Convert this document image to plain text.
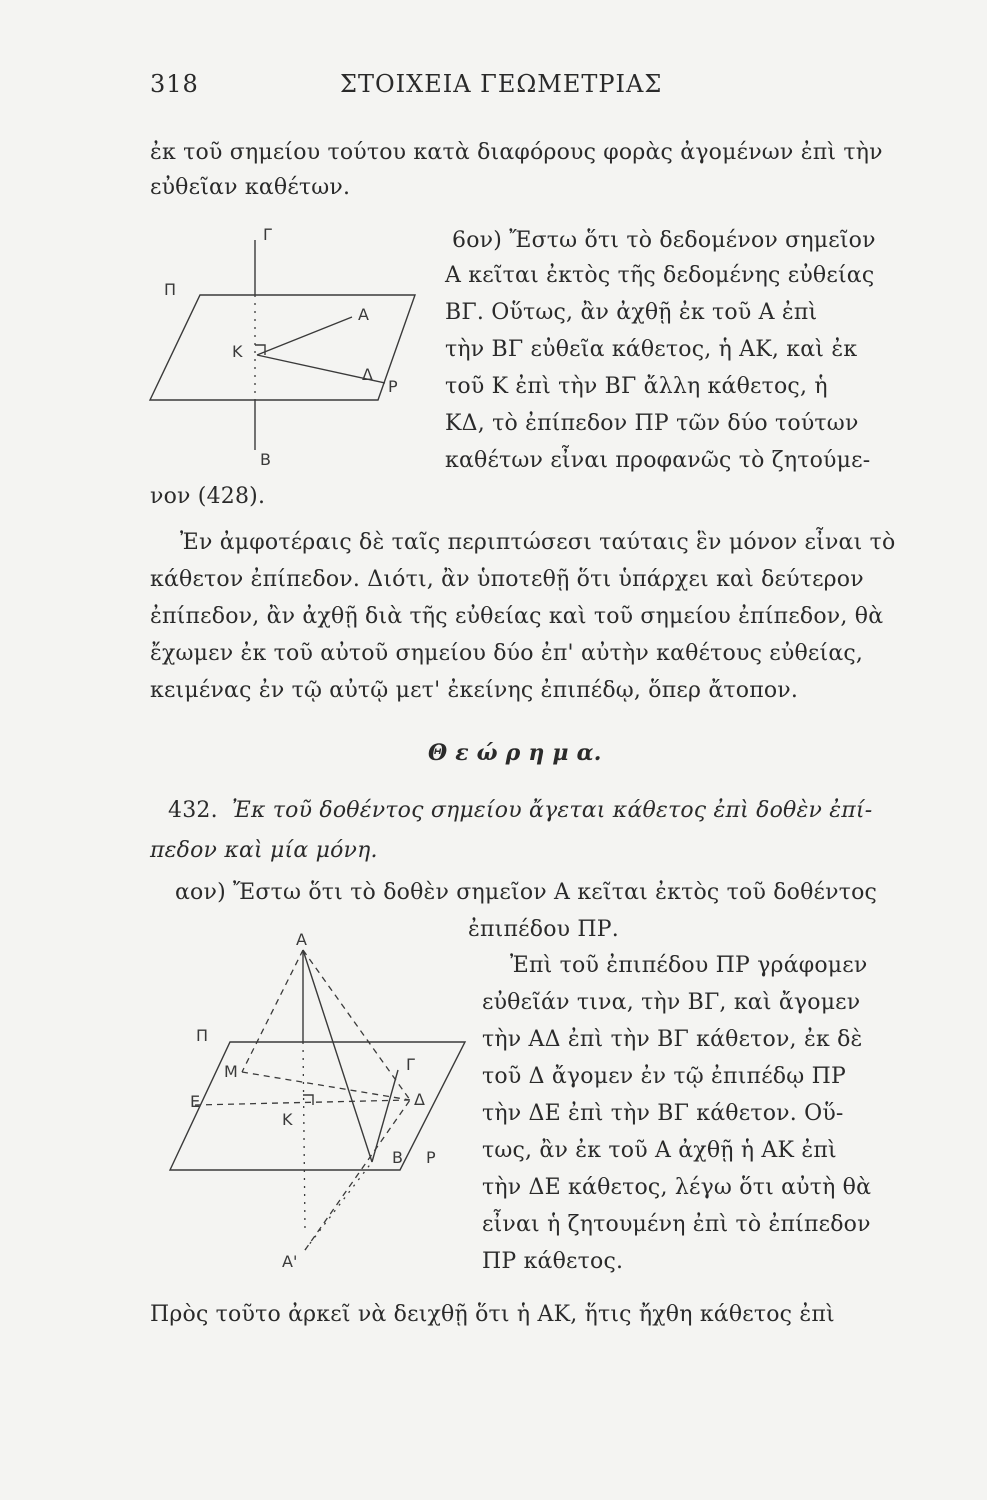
318	ΣΤΟΙΧΕΙΑ ΓΕΩΜΕΤΡΙΑΣ
ἐκ τοῦ σημείου τούτου κατὰ διαφόρους φορὰς ἀγομένων ἐπὶ τὴν
εὐθεῖαν καθέτων.
6ον) Ἔστω ὅτι τὸ δεδομένον σημεῖον
Α κεῖται ἐκτὸς τῆς δεδομένης εὐθείας
ΒΓ. Οὕτως, ἂν ἀχθῇ ἐκ τοῦ Α ἐπὶ
τὴν ΒΓ εὐθεῖα κάθετος, ἡ ΑΚ, καὶ ἐκ
τοῦ Κ ἐπὶ τὴν ΒΓ ἄλλη κάθετος, ἡ
ΚΔ, τὸ ἐπίπεδον ΠΡ τῶν δύο τούτων
καθέτων εἶναι προφανῶς τὸ ζητούμε-
νον (428).
Γ
Π
Α
Κ
Δ
Ρ
Β
Ἐν ἀμφοτέραις δὲ ταῖς περιπτώσεσι ταύταις ἓν μόνον εἶναι τὸ
κάθετον ἐπίπεδον. Διότι, ἂν ὑποτεθῇ ὅτι ὑπάρχει καὶ δεύτερον
ἐπίπεδον, ἂν ἀχθῇ διὰ τῆς εὐθείας καὶ τοῦ σημείου ἐπίπεδον, θὰ
ἔχωμεν ἐκ τοῦ αὐτοῦ σημείου δύο ἐπ' αὐτὴν καθέτους εὐθείας,
κειμένας ἐν τῷ αὐτῷ μετ' ἐκείνης ἐπιπέδῳ, ὅπερ ἄτοπον.
Θ ε ώ ρ η μ α.
432. Ἐκ τοῦ δοθέντος σημείου ἄγεται κάθετος ἐπὶ δοθὲν ἐπί-
πεδον καὶ μία μόνη.
αον) Ἔστω ὅτι τὸ δοθὲν σημεῖον Α κεῖται ἐκτὸς τοῦ δοθέντος
ἐπιπέδου ΠΡ.
Ἐπὶ τοῦ ἐπιπέδου ΠΡ γράφομεν
εὐθεῖάν τινα, τὴν ΒΓ, καὶ ἄγομεν
τὴν ΑΔ ἐπὶ τὴν ΒΓ κάθετον, ἐκ δὲ
τοῦ Δ ἄγομεν ἐν τῷ ἐπιπέδῳ ΠΡ
τὴν ΔΕ ἐπὶ τὴν ΒΓ κάθετον. Οὕ-
τως, ἂν ἐκ τοῦ Α ἀχθῇ ἡ ΑΚ ἐπὶ
τὴν ΔΕ κάθετος, λέγω ὅτι αὐτὴ θὰ
εἶναι ἡ ζητουμένη ἐπὶ τὸ ἐπίπεδον
ΠΡ κάθετος.
Α
Π
Μ	Γ
Ε
Κ
Δ
Β Ρ
Α'
Πρὸς τοῦτο ἀρκεῖ νὰ δειχθῇ ὅτι ἡ ΑΚ, ἥτις ἤχθη κάθετος ἐπὶ
